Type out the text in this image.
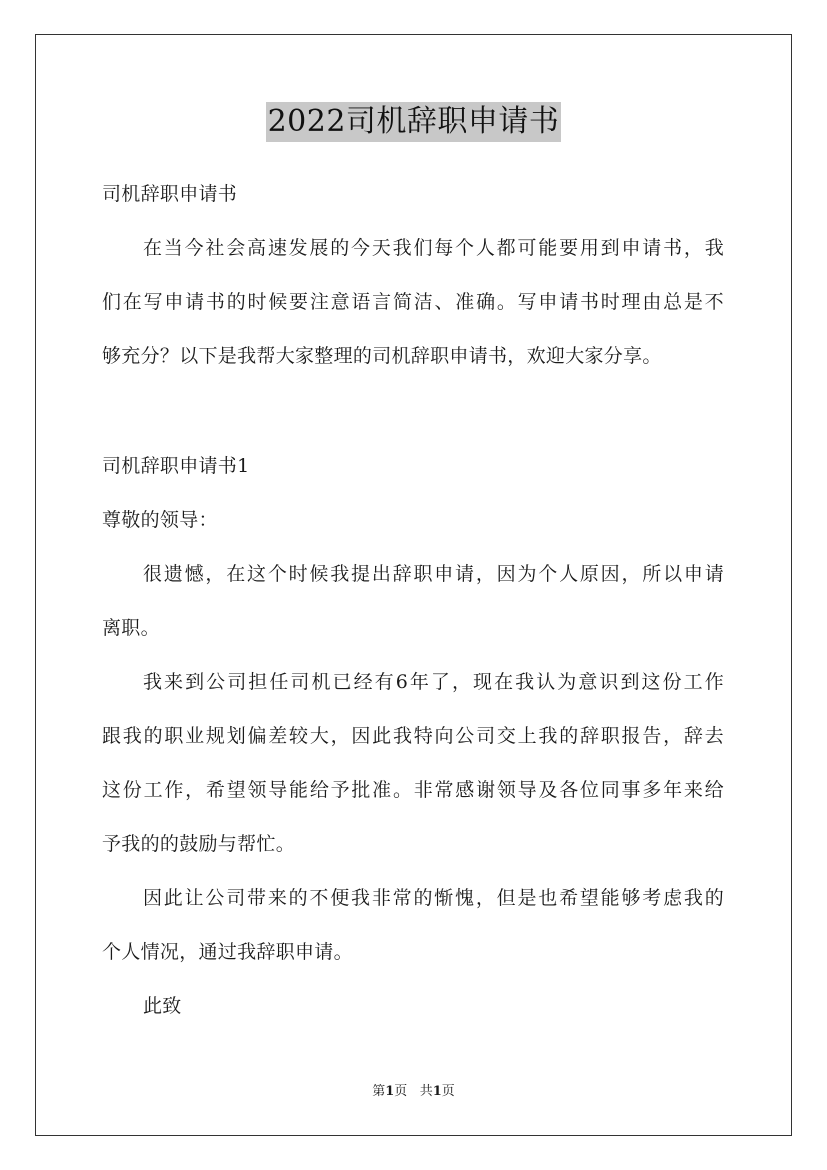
2022司机辞职申请书
司机辞职申请书
在当今社会高速发展的今天我们每个人都可能要用到申请书，我
们在写申请书的时候要注意语言简洁、准确。写申请书时理由总是不
够充分？以下是我帮大家整理的司机辞职申请书，欢迎大家分享。
司机辞职申请书1
尊敬的领导：
很遗憾，在这个时候我提出辞职申请，因为个人原因，所以申请
离职。
我来到公司担任司机已经有6年了，现在我认为意识到这份工作
跟我的职业规划偏差较大，因此我特向公司交上我的辞职报告，辞去
这份工作，希望领导能给予批准。非常感谢领导及各位同事多年来给
予我的的鼓励与帮忙。
因此让公司带来的不便我非常的惭愧，但是也希望能够考虑我的
个人情况，通过我辞职申请。
此致
第1页 共1页
